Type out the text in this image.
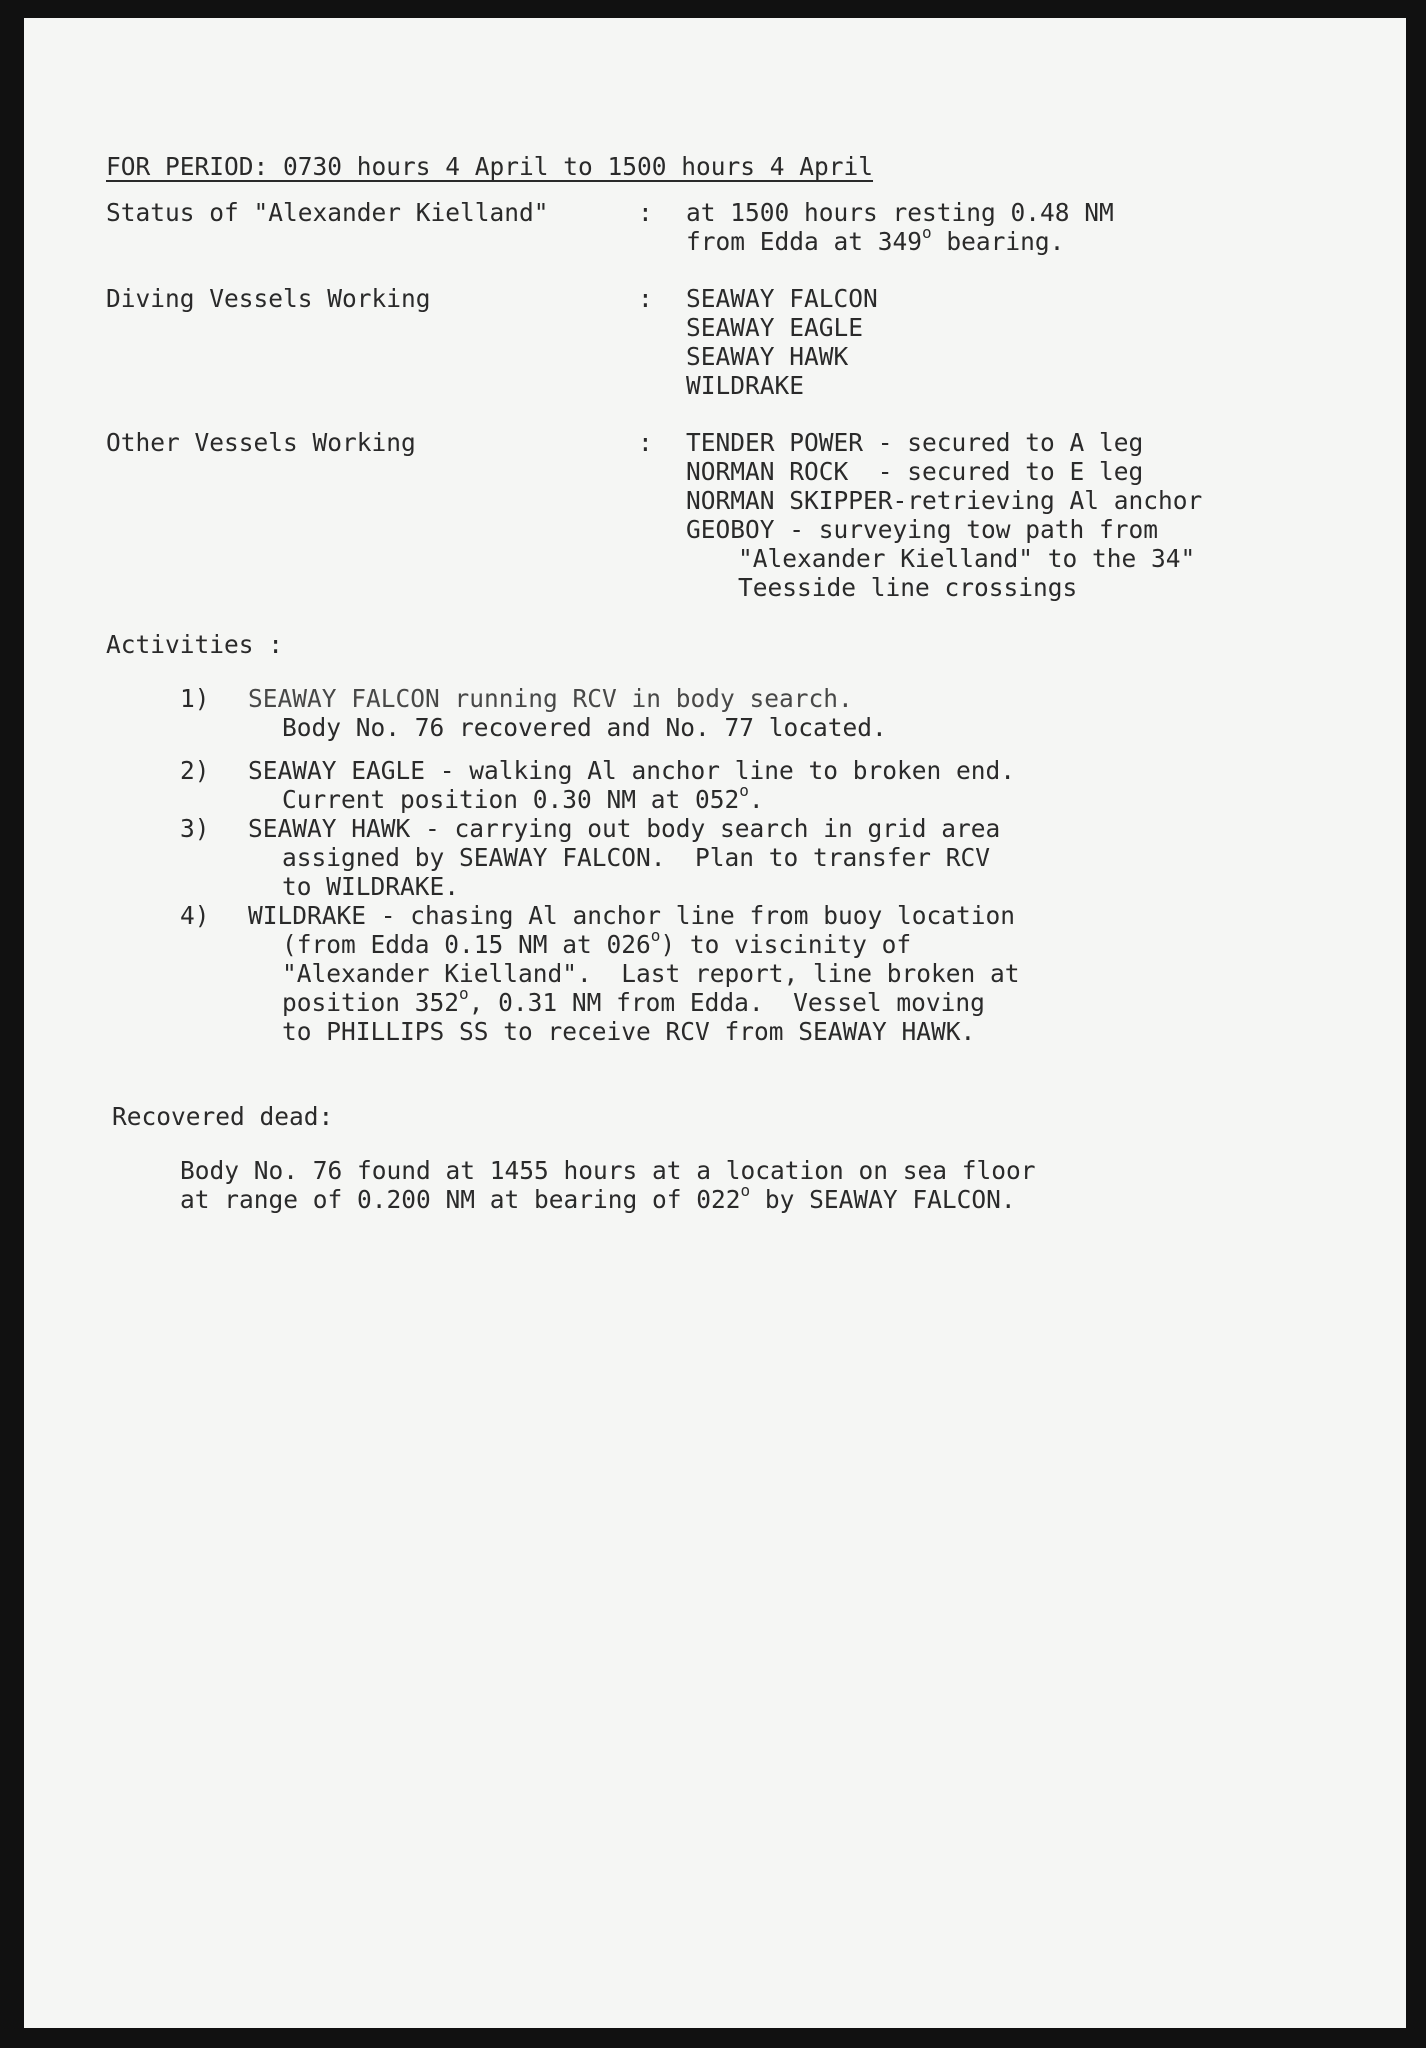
FOR PERIOD: 0730 hours 4 April to 1500 hours 4 April
Status of "Alexander Kielland"	: at 1500 hours resting 0.48 NM
from Edda at 349$^o$ bearing.
Diving Vessels Working	: SEAWAY FALCON
SEAWAY EAGLE
SEAWAY HAWK
WILDRAKE
Other Vessels Working	: TENDER POWER - secured to A leg
NORMAN ROCK  - secured to E leg
NORMAN SKIPPER-retrieving Al anchor
GEOBOY - surveying tow path from
"Alexander Kielland" to the 34"
Teesside line crossings
Activities :
1) SEAWAY FALCON running RCV in body search.
Body No. 76 recovered and No. 77 located.
2) SEAWAY EAGLE - walking Al anchor line to broken end.
Current position 0.30 NM at 052$^o$.
3) SEAWAY HAWK - carrying out body search in grid area
assigned by SEAWAY FALCON.  Plan to transfer RCV
to WILDRAKE.
4) WILDRAKE - chasing Al anchor line from buoy location
(from Edda 0.15 NM at 026$^o$) to viscinity of
"Alexander Kielland".  Last report, line broken at
position 352$^o$, 0.31 NM from Edda.  Vessel moving
to PHILLIPS SS to receive RCV from SEAWAY HAWK.
Recovered dead:
Body No. 76 found at 1455 hours at a location on sea floor
at range of 0.200 NM at bearing of 022$^o$ by SEAWAY FALCON.
